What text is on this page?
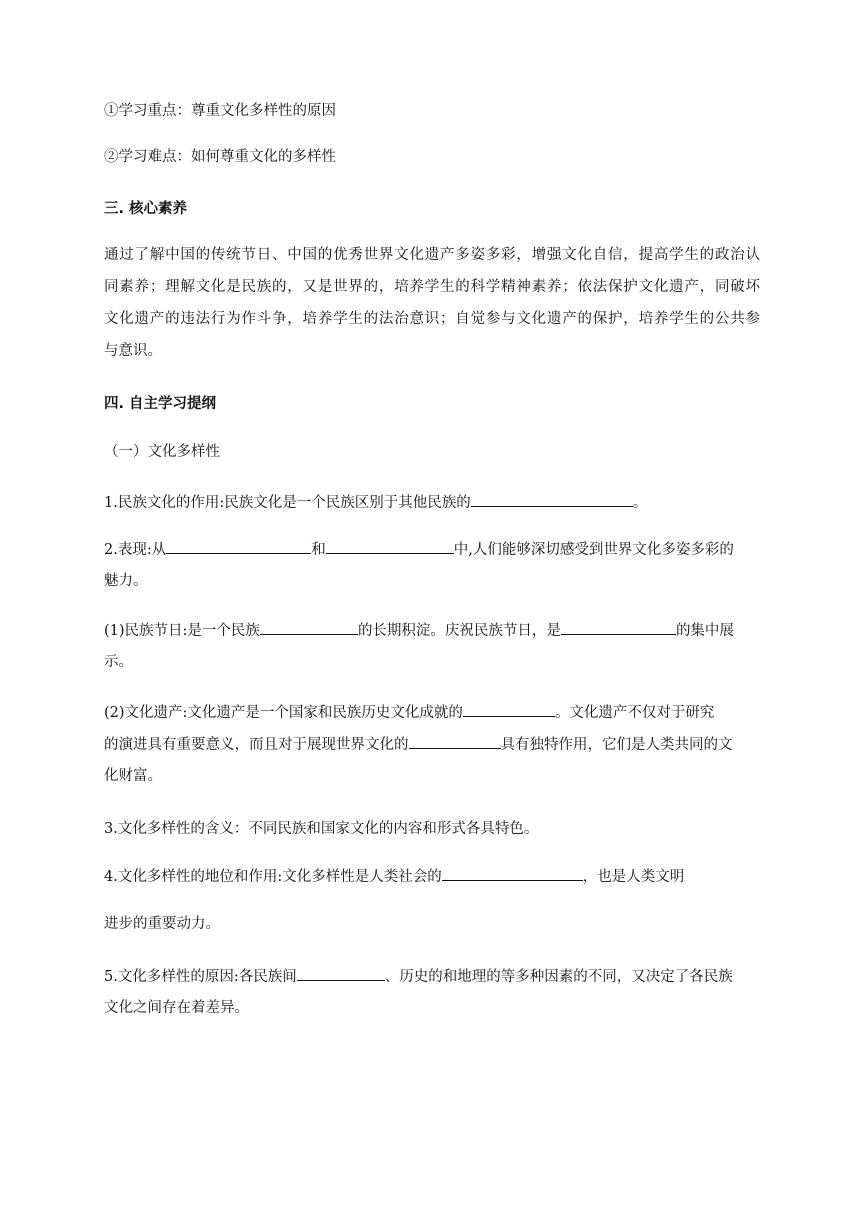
①学习重点：尊重文化多样性的原因
②学习难点：如何尊重文化的多样性
三. 核心素养
通过了解中国的传统节日、中国的优秀世界文化遗产多姿多彩，增强文化自信，提高学生的政治认
同素养；理解文化是民族的，又是世界的，培养学生的科学精神素养；依法保护文化遗产，同破坏
文化遗产的违法行为作斗争，培养学生的法治意识；自觉参与文化遗产的保护，培养学生的公共参
与意识。
四. 自主学习提纲
（一）文化多样性
1.民族文化的作用:民族文化是一个民族区别于其他民族的	。
2.表现:从	和	中,人们能够深切感受到世界文化多姿多彩的
魅力。
(1)民族节日:是一个民族	的长期积淀。庆祝民族节日，是	的集中展
示。
(2)文化遗产:文化遗产是一个国家和民族历史文化成就的	。文化遗产不仅对于研究
的演进具有重要意义，而且对于展现世界文化的	具有独特作用，它们是人类共同的文
化财富。
3.文化多样性的含义：不同民族和国家文化的内容和形式各具特色。
4.文化多样性的地位和作用:文化多样性是人类社会的	，也是人类文明
进步的重要动力。
5.文化多样性的原因:各民族间	、历史的和地理的等多种因素的不同，又决定了各民族
文化之间存在着差异。
